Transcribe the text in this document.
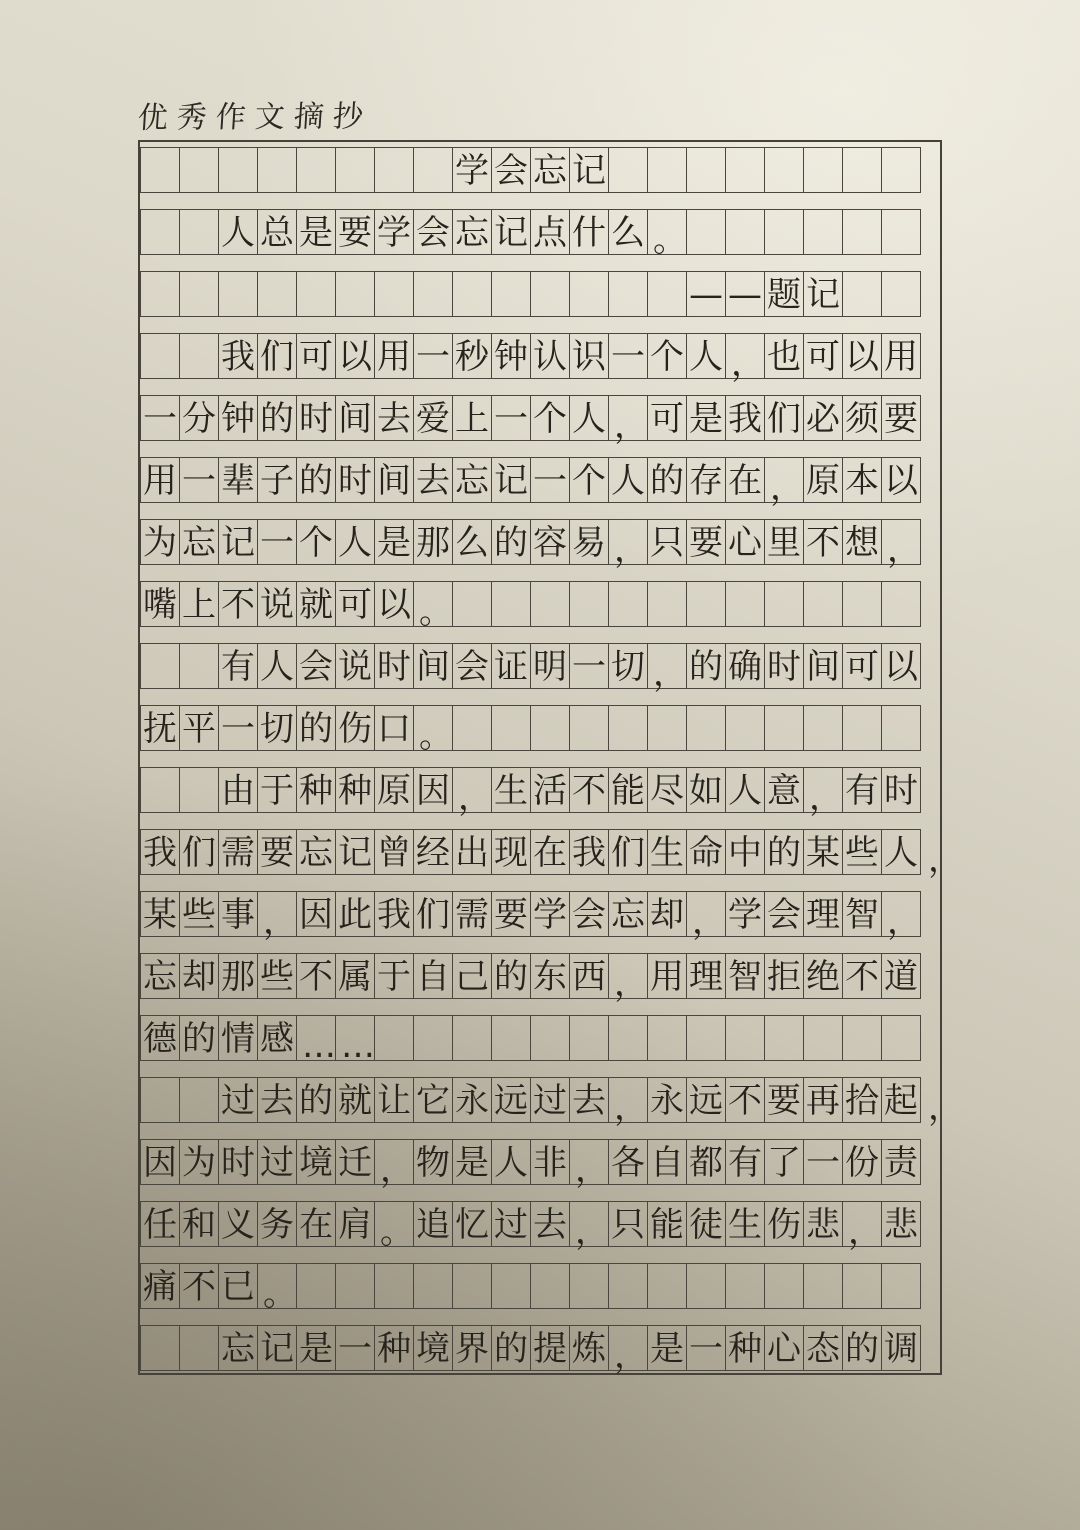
优秀作文摘抄
学 会 忘 记
人 总 是 要 学 会 忘 记 点 什 么 。
— — 题 记
我 们 可 以 用 一 秒 钟 认 识 一 个 人 ， 也 可 以 用
一 分 钟 的 时 间 去 爱 上 一 个 人 ， 可 是 我 们 必 须 要
用 一 辈 子 的 时 间 去 忘 记 一 个 人 的 存 在 ， 原 本 以
为 忘 记 一 个 人 是 那 么 的 容 易 ， 只 要 心 里 不 想 ，
嘴 上 不 说 就 可 以 。
有 人 会 说 时 间 会 证 明 一 切 ， 的 确 时 间 可 以
抚 平 一 切 的 伤 口 。
由 于 种 种 原 因 ， 生 活 不 能 尽 如 人 意 ， 有 时
我 们 需 要 忘 记 曾 经 出 现 在 我 们 生 命 中 的 某 些 人 ，
某 些 事 ， 因 此 我 们 需 要 学 会 忘 却 ， 学 会 理 智 ，
忘 却 那 些 不 属 于 自 己 的 东 西 ， 用 理 智 拒 绝 不 道
德 的 情 感 … …
过 去 的 就 让 它 永 远 过 去 ， 永 远 不 要 再 拾 起 ，
因 为 时 过 境 迁 ， 物 是 人 非 ， 各 自 都 有 了 一 份 责
任 和 义 务 在 肩 。 追 忆 过 去 ， 只 能 徒 生 伤 悲 ， 悲
痛 不 已 。
忘 记 是 一 种 境 界 的 提 炼 ， 是 一 种 心 态 的 调
